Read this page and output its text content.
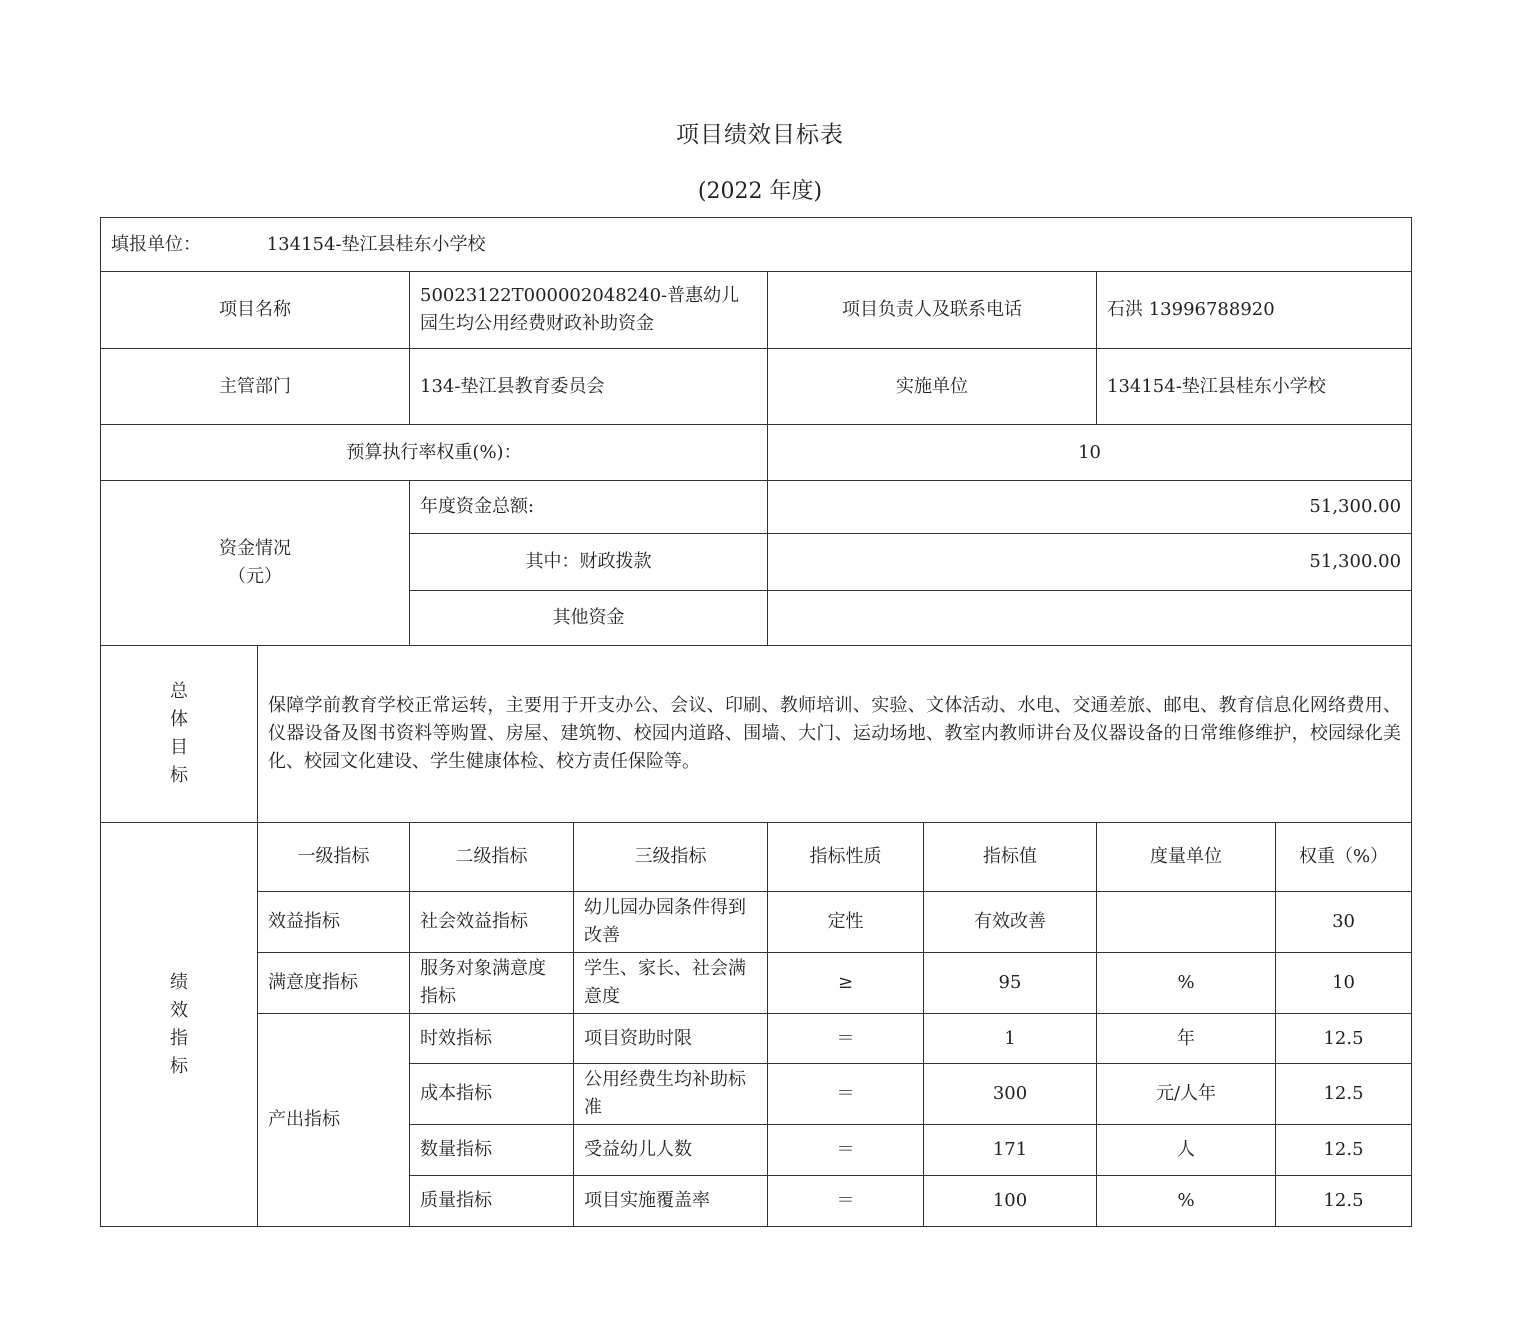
项目绩效目标表
(2022 年度)
填报单位： 134154-垫江县桂东小学校							
项目名称		50023122T000002048240-普惠幼儿园生均公用经费财政补助资金		项目负责人及联系电话		石洪 13996788920	
主管部门		134-垫江县教育委员会		实施单位		134154-垫江县桂东小学校	
预算执行率权重(%)：				10			
资金情况
（元）		年度资金总额:		51,300.00			
		其中：财政拨款		51,300.00			
		其他资金					

总
体
目
标	保障学前教育学校正常运转，主要用于开支办公、会议、印刷、教师培训、实验、文体活动、水电、交通差旅、邮电、教育信息化网络费用、仪器设备及图书资料等购置、房屋、建筑物、校园内道路、围墙、大门、运动场地、教室内教师讲台及仪器设备的日常维修维护，校园绿化美化、校园文化建设、学生健康体检、校方责任保险等。						

绩
效
指
标	一级指标	二级指标	三级指标	指标性质	指标值	度量单位	权重（%）
	效益指标	社会效益指标	幼儿园办园条件得到改善	定性	有效改善		30
	满意度指标	服务对象满意度指标	学生、家长、社会满意度	≥	95	%	10
	产出指标	时效指标	项目资助时限	＝	1	年	12.5
		成本指标	公用经费生均补助标准	＝	300	元/人年	12.5
		数量指标	受益幼儿人数	＝	171	人	12.5
		质量指标	项目实施覆盖率	＝	100	%	12.5
